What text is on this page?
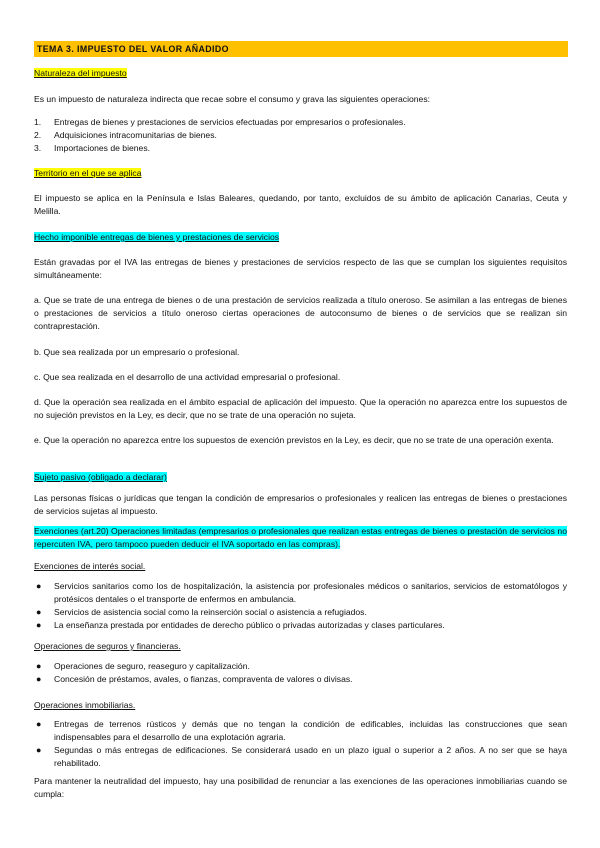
TEMA 3. IMPUESTO DEL VALOR AÑADIDO
Naturaleza del impuesto
Es un impuesto de naturaleza indirecta que recae sobre el consumo y grava las siguientes operaciones:
1. Entregas de bienes y prestaciones de servicios efectuadas por empresarios o profesionales.
2. Adquisiciones intracomunitarias de bienes.
3. Importaciones de bienes.
Territorio en el que se aplica
El impuesto se aplica en la Península e Islas Baleares, quedando, por tanto, excluidos de su ámbito de aplicación Canarias, Ceuta y Melilla.
Hecho imponible entregas de bienes y prestaciones de servicios
Están gravadas por el IVA las entregas de bienes y prestaciones de servicios respecto de las que se cumplan los siguientes requisitos simultáneamente:
a. Que se trate de una entrega de bienes o de una prestación de servicios realizada a título oneroso. Se asimilan a las entregas de bienes o prestaciones de servicios a título oneroso ciertas operaciones de autoconsumo de bienes o de servicios que se realizan sin contraprestación.
b. Que sea realizada por un empresario o profesional.
c. Que sea realizada en el desarrollo de una actividad empresarial o profesional.
d. Que la operación sea realizada en el ámbito espacial de aplicación del impuesto. Que la operación no aparezca entre los supuestos de no sujeción previstos en la Ley, es decir, que no se trate de una operación no sujeta.
e. Que la operación no aparezca entre los supuestos de exención previstos en la Ley, es decir, que no se trate de una operación exenta.
Sujeto pasivo (obligado a declarar)
Las personas físicas o jurídicas que tengan la condición de empresarios o profesionales y realicen las entregas de bienes o prestaciones de servicios sujetas al impuesto.
Exenciones (art.20) Operaciones limitadas (empresarios o profesionales que realizan estas entregas de bienes o prestación de servicios no repercuten IVA, pero tampoco pueden deducir el IVA soportado en las compras).
Exenciones de interés social.
● Servicios sanitarios como los de hospitalización, la asistencia por profesionales médicos o sanitarios, servicios de estomatólogos y protésicos dentales o el transporte de enfermos en ambulancia.
● Servicios de asistencia social como la reinserción social o asistencia a refugiados.
● La enseñanza prestada por entidades de derecho público o privadas autorizadas y clases particulares.
Operaciones de seguros y financieras.
● Operaciones de seguro, reaseguro y capitalización.
● Concesión de préstamos, avales, o fianzas, compraventa de valores o divisas.
Operaciones inmobiliarias.
● Entregas de terrenos rústicos y demás que no tengan la condición de edificables, incluidas las construcciones que sean indispensables para el desarrollo de una explotación agraria.
● Segundas o más entregas de edificaciones. Se considerará usado en un plazo igual o superior a 2 años. A no ser que se haya rehabilitado.
Para mantener la neutralidad del impuesto, hay una posibilidad de renunciar a las exenciones de las operaciones inmobiliarias cuando se cumpla:
